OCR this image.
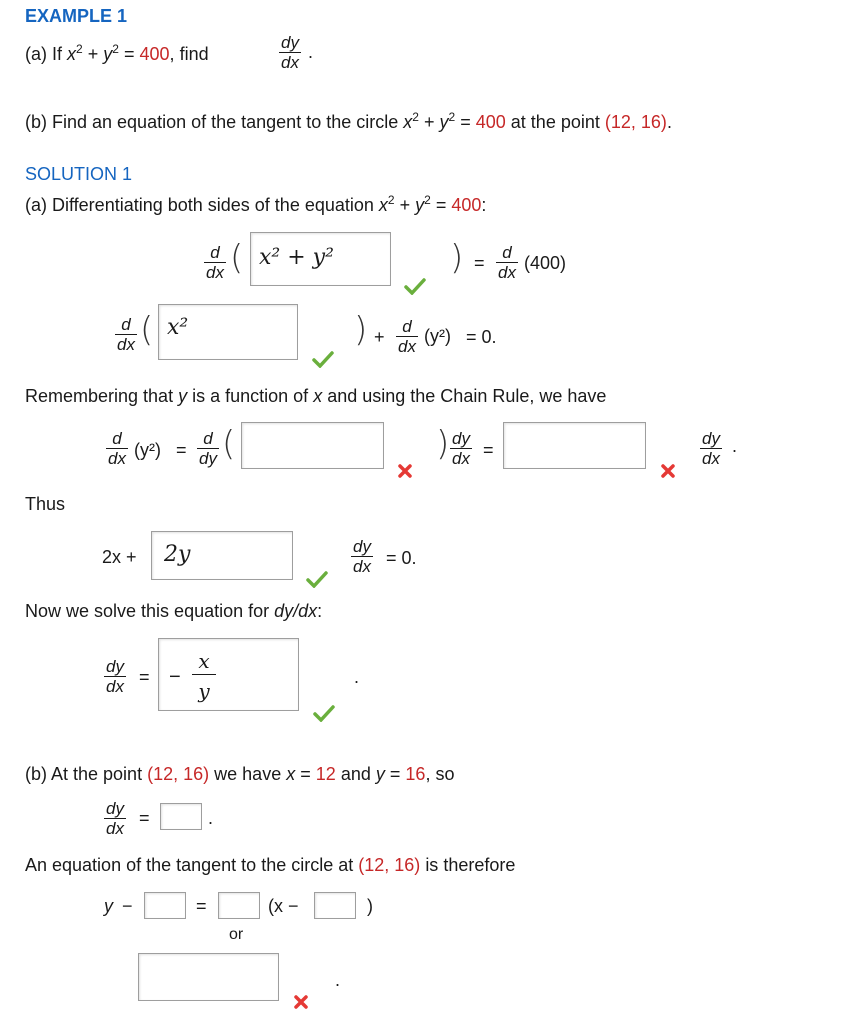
EXAMPLE 1
(a) If $x^2 + y^2 = 400$, find
dy
dx
.
(b) Find an equation of the tangent to the circle $x^2 + y^2 = 400$ at the point (12, 16).
SOLUTION 1
(a) Differentiating both sides of the equation $x^2 + y^2 = 400$:
d
dx ( x² + y²	) =
d
dx (400)
d
dx ( x²	) +
d
dx
(y²) = 0.
Remembering that y is a function of x and using the Chain Rule, we have
d
dx (y²) =
d
dy (	) dy
dx =
dy
dx
.
Thus
2x + 2y	dy
dx = 0.
Now we solve this equation for dy/dx:
dy
dx = −
x
y
.
(b) At the point (12, 16) we have x = 12 and y = 16, so
dy
dx
=	.
An equation of the tangent to the circle at (12, 16) is therefore
y −	=	(x −	)
or
.
